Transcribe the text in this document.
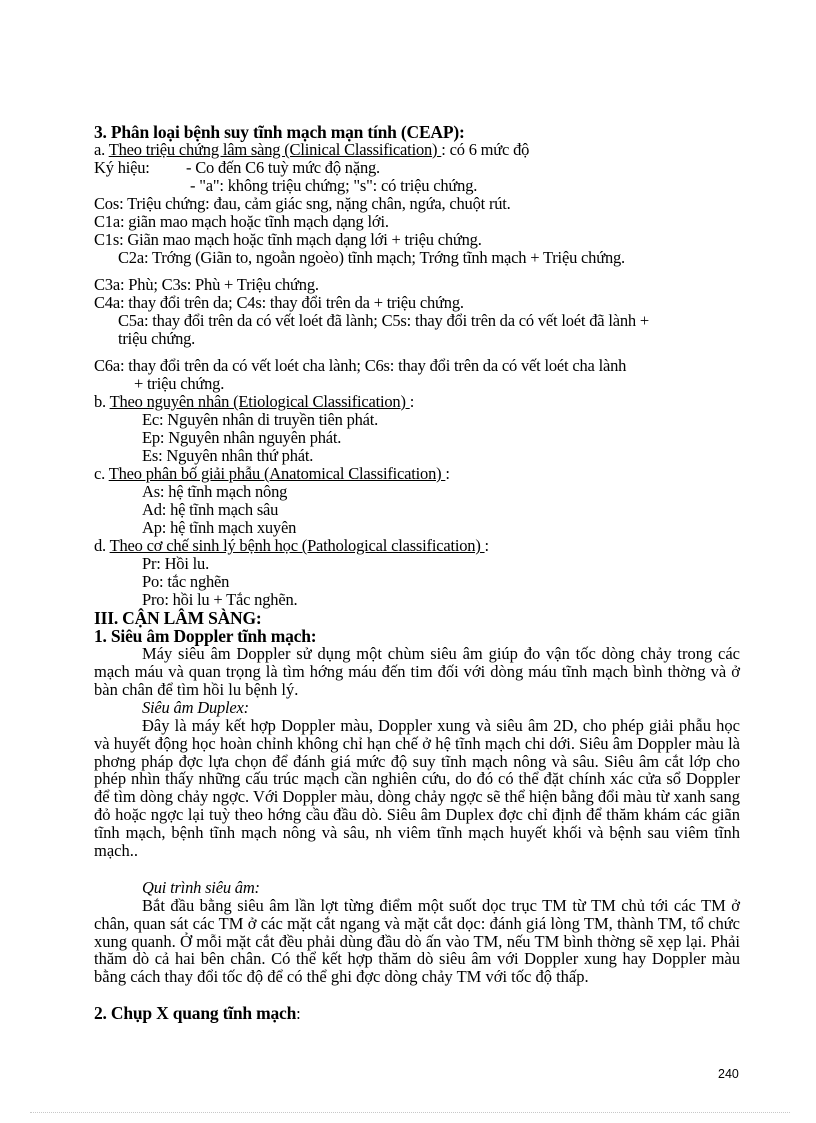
3. Phân loại bệnh suy tĩnh mạch mạn tính (CEAP):
a. Theo triệu chứng lâm sàng (Clinical Classification) : có 6 mức độ
Ký hiệu: - Co đến C6 tuỳ mức độ nặng.
- "a": không triệu chứng; "s": có triệu chứng.
Cos: Triệu chứng: đau, cảm giác sng, nặng chân, ngứa, chuột rút.
C1a: giãn mao mạch hoặc tĩnh mạch dạng lới.
C1s: Giãn mao mạch hoặc tĩnh mạch dạng lới + triệu chứng.
C2a: Trớng (Giãn to, ngoằn ngoèo) tĩnh mạch; Trớng tĩnh mạch + Triệu chứng.
C3a: Phù; C3s: Phù + Triệu chứng.
C4a: thay đổi trên da; C4s: thay đổi trên da + triệu chứng.
C5a: thay đổi trên da có vết loét đã lành; C5s: thay đổi trên da có vết loét đã lành +
triệu chứng.
C6a: thay đổi trên da có vết loét cha lành; C6s: thay đổi trên da có vết loét cha lành
+ triệu chứng.
b. Theo nguyên nhân (Etiological Classification) :
Ec: Nguyên nhân di truyền tiên phát.
Ep: Nguyên nhân nguyên phát.
Es: Nguyên nhân thứ phát.
c. Theo phân bố giải phẫu (Anatomical Classification) :
As: hệ tĩnh mạch nông
Ad: hệ tĩnh mạch sâu
Ap: hệ tĩnh mạch xuyên
d. Theo cơ chế sinh lý bệnh học (Pathological classification) :
Pr: Hồi lu.
Po: tắc nghẽn
Pro: hồi lu + Tắc nghẽn.
III. CẬN LÂM SÀNG:
1. Siêu âm Doppler tĩnh mạch:

Máy siêu âm Doppler sử dụng một chùm siêu âm giúp đo vận tốc dòng chảy trong các mạch máu và quan trọng là tìm hớng máu đến tim đối với dòng máu tĩnh mạch bình thờng và ở bàn chân để tìm hồi lu bệnh lý.

Siêu âm Duplex:

Đây là máy kết hợp Doppler màu, Doppler xung và siêu âm 2D, cho phép giải phẫu học và huyết động học hoàn chỉnh không chỉ hạn chế ở hệ tĩnh mạch chi dới. Siêu âm Doppler màu là phơng pháp đợc lựa chọn để đánh giá mức độ suy tĩnh mạch nông và sâu. Siêu âm cắt lớp cho phép nhìn thấy những cấu trúc mạch cần nghiên cứu, do đó có thể đặt chính xác cửa sổ Doppler để tìm dòng chảy ngợc. Với Doppler màu, dòng chảy ngợc sẽ thể hiện bằng đổi màu từ xanh sang đỏ hoặc ngợc lại tuỳ theo hớng cầu đầu dò. Siêu âm Duplex đợc chỉ định để thăm khám các giãn tĩnh mạch, bệnh tĩnh mạch nông và sâu, nh viêm tĩnh mạch huyết khối và bệnh sau viêm tĩnh mạch..

Qui trình siêu âm:

Bắt đầu bằng siêu âm lần lợt từng điểm một suốt dọc trục TM từ TM chủ tới các TM ở chân, quan sát các TM ở các mặt cắt ngang và mặt cắt dọc: đánh giá lòng TM, thành TM, tổ chức xung quanh. Ở mỗi mặt cắt đều phải dùng đầu dò ấn vào TM, nếu TM bình thờng sẽ xẹp lại. Phải thăm dò cả hai bên chân. Có thể kết hợp thăm dò siêu âm với Doppler xung hay Doppler màu bằng cách thay đổi tốc độ để có thể ghi đợc dòng chảy TM với tốc độ thấp.

2. Chụp X quang tĩnh mạch:
240
